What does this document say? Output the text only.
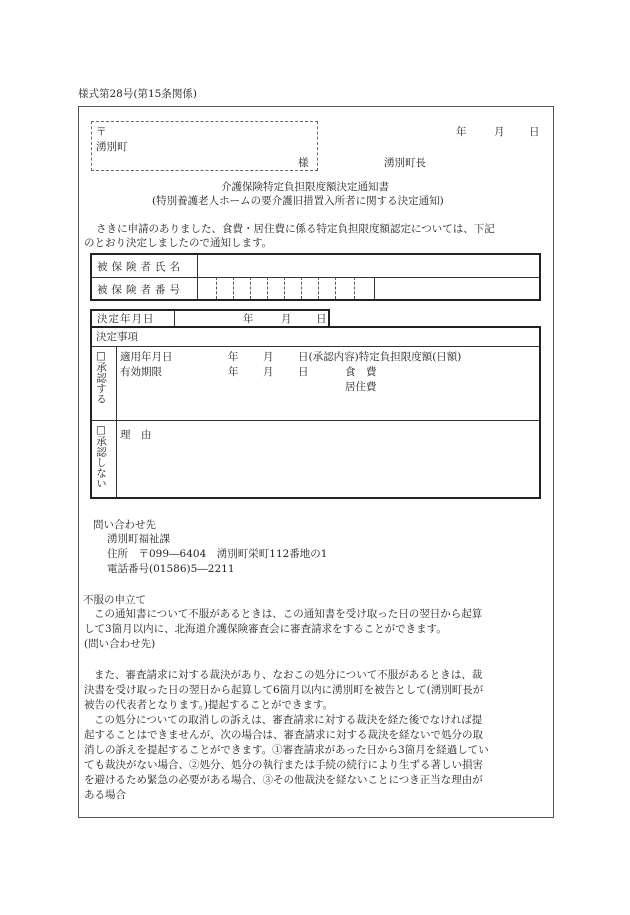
様式第28号(第15条関係)
〒
湧別町
様
年	月 日
湧別町長
介護保険特定負担限度額決定通知書
(特別養護老人ホームの要介護旧措置入所者に関する決定通知)
さきに申請のありました、食費・居住費に係る特定負担限度額認定については、下記
のとおり決定しましたので通知します。
被保険者氏名
被保険者番号
決定年月日	年	月 日
決定事項
□承認する 適用年月日	年 月 日(承認内容)特定負担限度額(日額)
有効期限	年 月 日	食　費
居住費
□承認しない 理　由
問い合わせ先
湧別町福祉課
住所　〒099―6404　湧別町栄町112番地の1
電話番号(01586)5―2211
不服の申立て
この通知書について不服があるときは、この通知書を受け取った日の翌日から起算
して3箇月以内に、北海道介護保険審査会に審査請求をすることができます。
(問い合わせ先)
また、審査請求に対する裁決があり、なおこの処分について不服があるときは、裁
決書を受け取った日の翌日から起算して6箇月以内に湧別町を被告として(湧別町長が
被告の代表者となります。)提起することができます。
この処分についての取消しの訴えは、審査請求に対する裁決を経た後でなければ提
起することはできませんが、次の場合は、審査請求に対する裁決を経ないで処分の取
消しの訴えを提起することができます。①審査請求があった日から3箇月を経過してい
ても裁決がない場合、②処分、処分の執行または手続の続行により生ずる著しい損害
を避けるため緊急の必要がある場合、③その他裁決を経ないことにつき正当な理由が
ある場合
